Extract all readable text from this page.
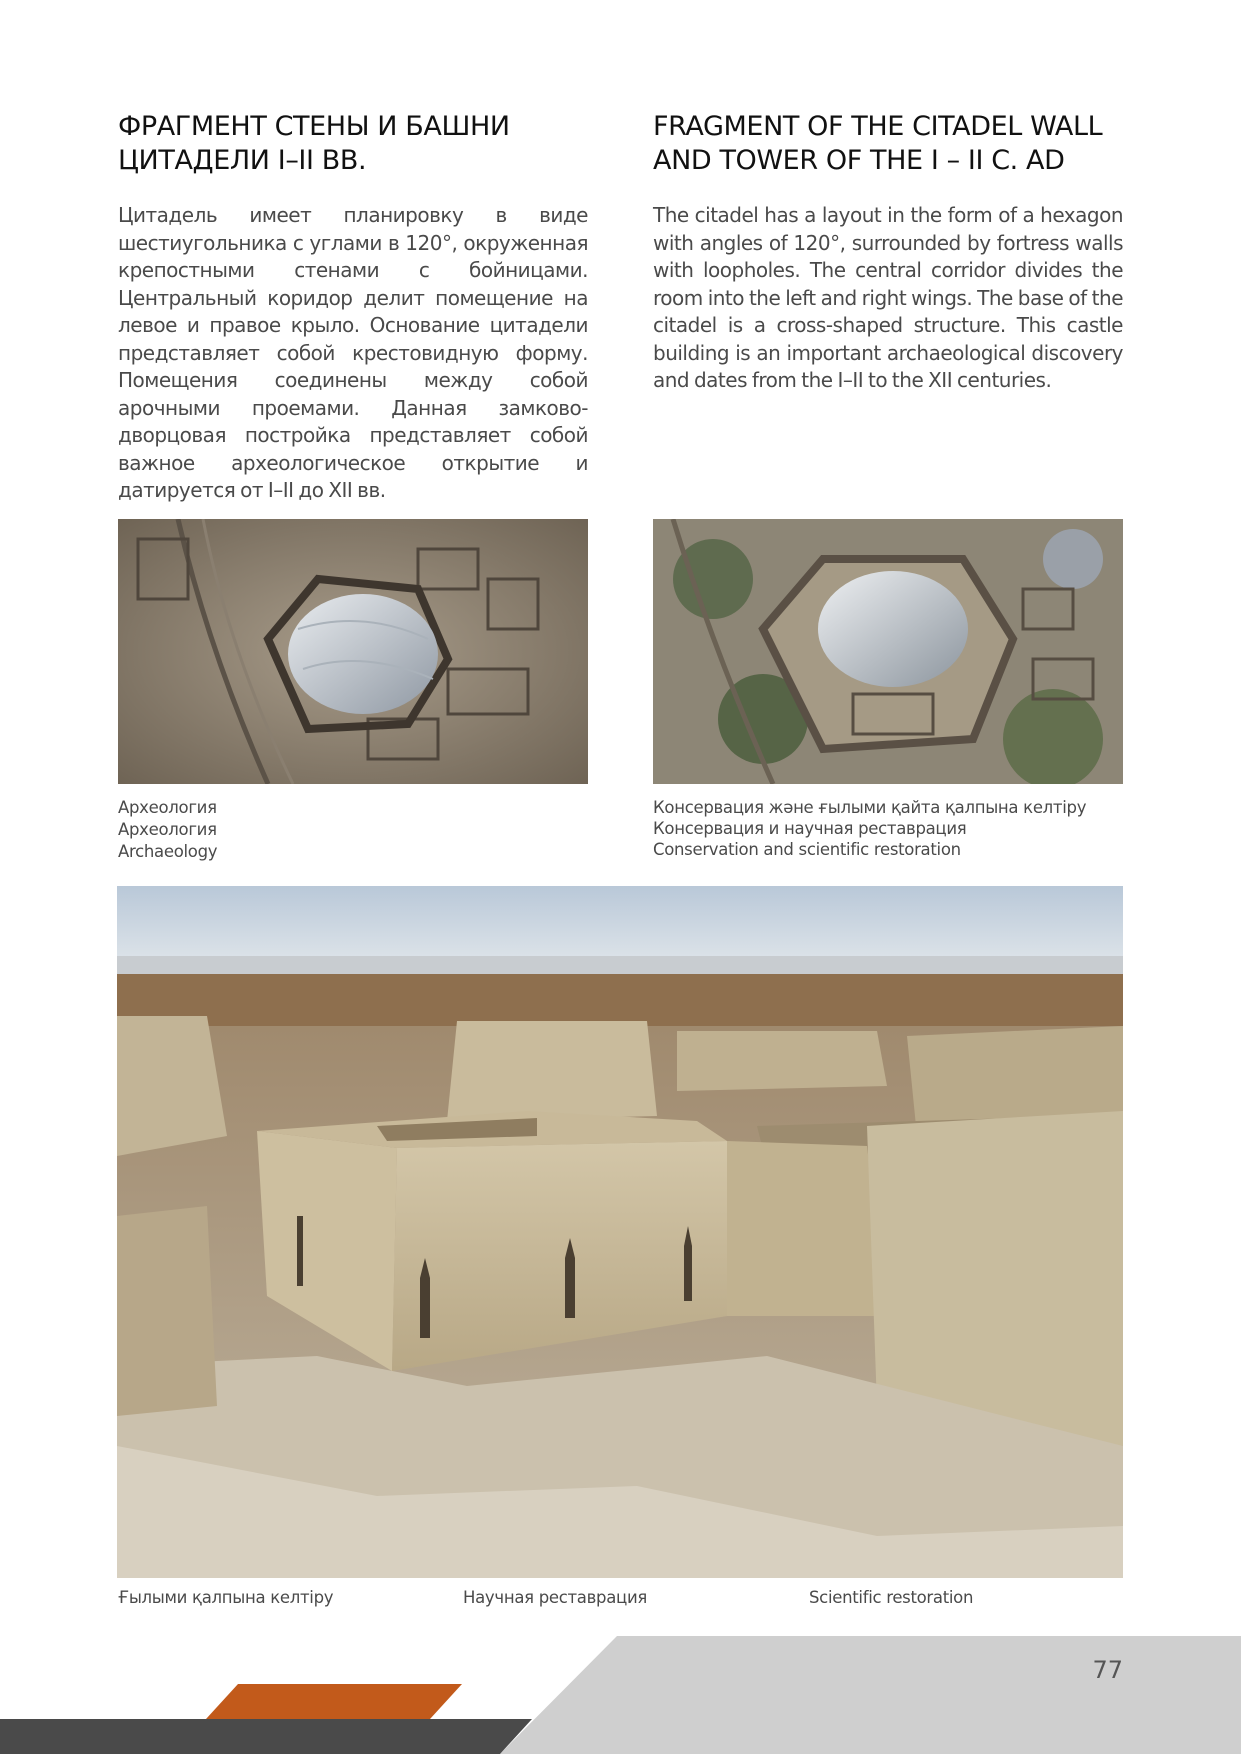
ФРАГМЕНТ СТЕНЫ И БАШНИ ЦИТАДЕЛИ I–II ВВ.

Цитадель имеет планировку в виде шестиугольника с углами в 120°, окруженная крепостными стенами с бойницами. Центральный коридор делит помещение на левое и правое крыло. Основание цитадели представляет собой крестовидную форму. Помещения соединены между собой арочными проемами. Данная замково-дворцовая постройка представляет собой важное археологическое открытие и датируется от I–II до XII вв.

FRAGMENT OF THE CITADEL WALL AND TOWER OF THE I – II C. AD

The citadel has a layout in the form of a hexagon with angles of 120°, surrounded by fortress walls with loopholes. The central corridor divides the room into the left and right wings. The base of the citadel is a cross-shaped structure. This castle building is an important archaeological discovery and dates from the I–II to the XII centuries.

Археология
Археология
Archaeology
Консервация және ғылыми қайта қалпына келтіру
Консервация и научная реставрация
Conservation and scientific restoration
Ғылыми қалпына келтіру	Научная реставрация	Scientific restoration
77
